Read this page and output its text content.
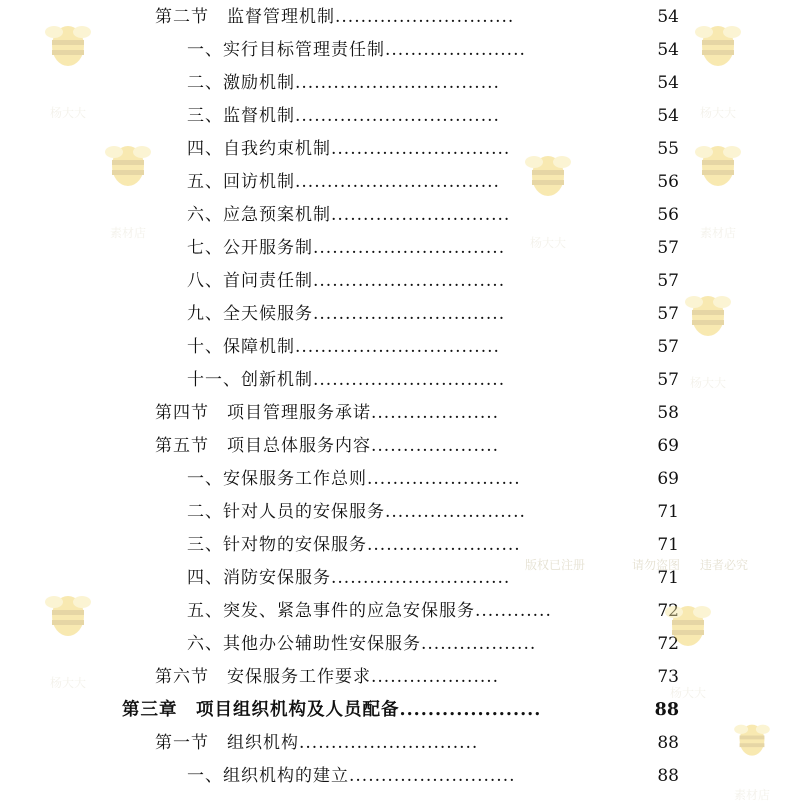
第二节　监督管理机制............................	54
一、实行目标管理责任制......................	54
二、激励机制................................	54
三、监督机制................................	54
四、自我约束机制............................	55
五、回访机制................................	56
六、应急预案机制............................	56
七、公开服务制..............................	57
八、首问责任制..............................	57
九、全天候服务..............................	57
十、保障机制................................	57
十一、创新机制..............................	57
第四节　项目管理服务承诺....................	58
第五节　项目总体服务内容....................	69
一、安保服务工作总则........................	69
二、针对人员的安保服务......................	71
三、针对物的安保服务........................	71
四、消防安保服务............................	71
五、突发、紧急事件的应急安保服务............	72
六、其他办公辅助性安保服务..................	72
第六节　安保服务工作要求....................	73
第三章　项目组织机构及人员配备....................	88
第一节　组织机构............................	88
一、组织机构的建立..........................	88
杨大大	杨大大
素材店
杨大大
素材店
杨大大
杨大大
杨大大
素材店
版权已注册	请勿盗图 违者必究
